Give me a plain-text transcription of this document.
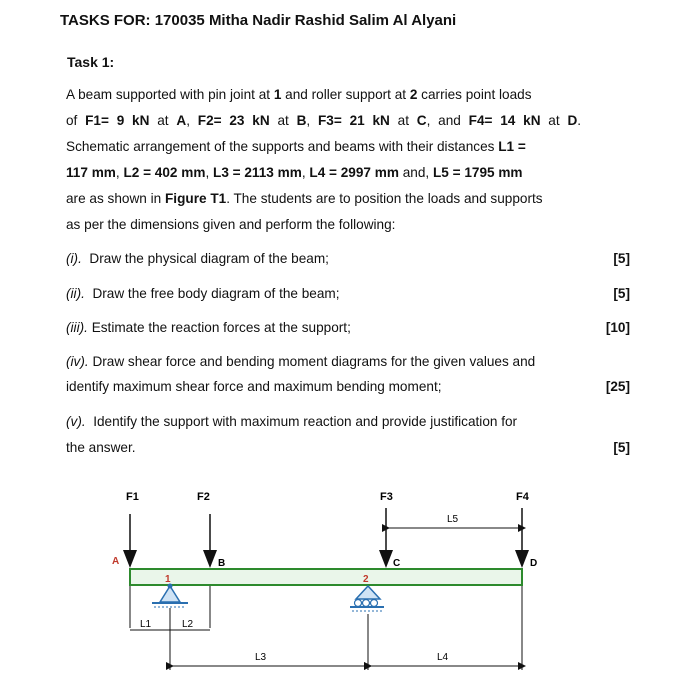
TASKS FOR: 170035 Mitha Nadir Rashid Salim Al Alyani
Task 1:
A beam supported with pin joint at 1 and roller support at 2 carries point loads
of F1= 9 kN at A, F2= 23 kN at B, F3= 21 kN at C, and F4= 14 kN at D.
Schematic arrangement of the supports and beams with their distances L1 =
117 mm, L2 = 402 mm, L3 = 2113 mm, L4 = 2997 mm and, L5 = 1795 mm
are as shown in Figure T1. The students are to position the loads and supports
as per the dimensions given and perform the following:
(i). Draw the physical diagram of the beam;	[5]
(ii). Draw the free body diagram of the beam;	[5]
(iii). Estimate the reaction forces at the support;	[10]
(iv). Draw shear force and bending moment diagrams for the given values and
identify maximum shear force and maximum bending moment;	[25]
(v). Identify the support with maximum reaction and provide justification for
the answer.	[5]
F1	F2	F3	F4
A	B	C	D
L5
1	2
L1	L2
L3	L4
